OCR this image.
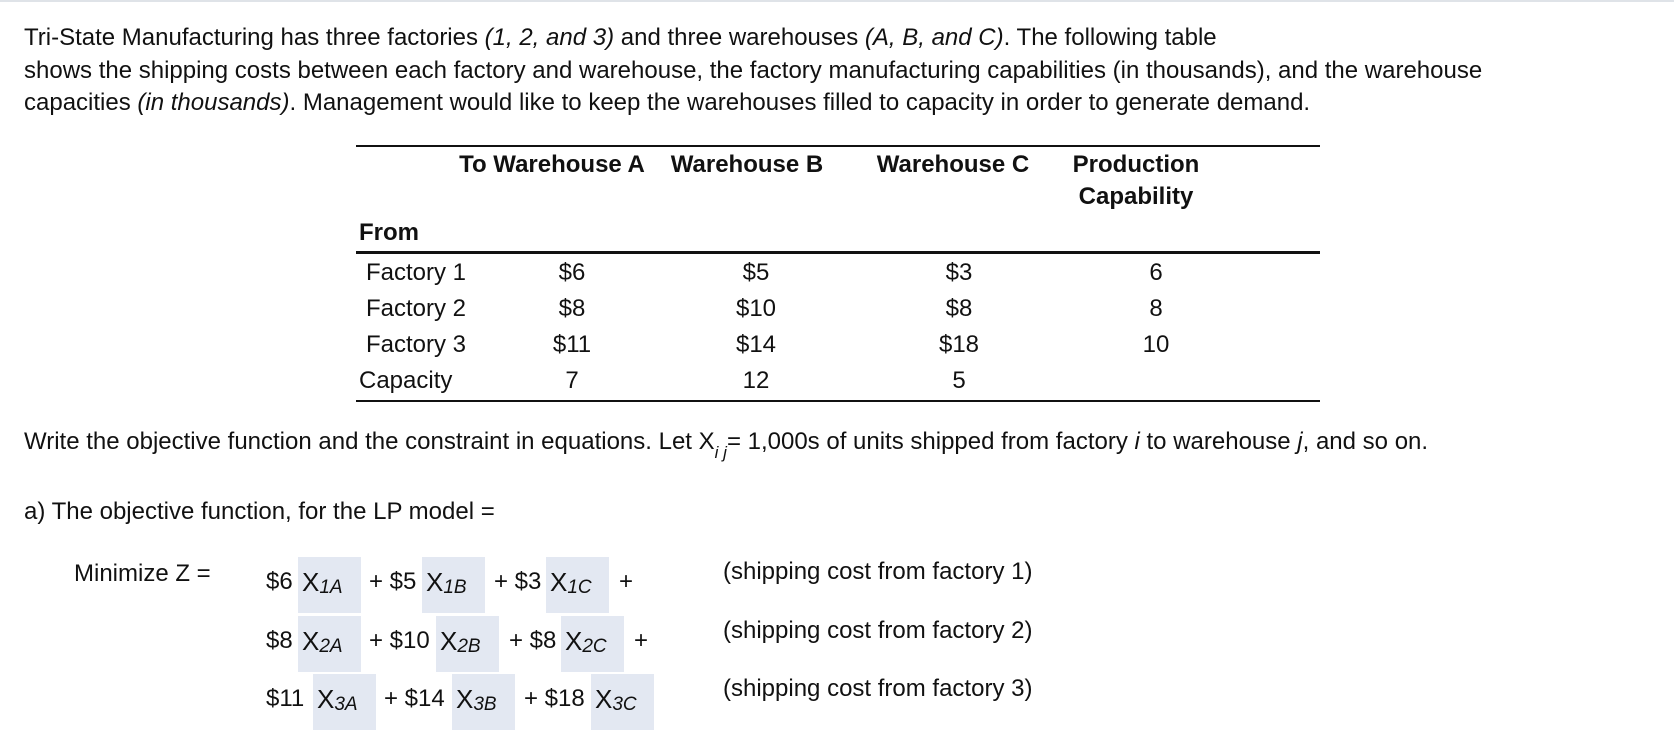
Tri-State Manufacturing has three factories (1, 2, and 3) and three warehouses (A, B, and C). The following table
shows the shipping costs between each factory and warehouse, the factory manufacturing capabilities (in thousands), and the warehouse
capacities (in thousands). Management would like to keep the warehouses filled to capacity in order to generate demand.
To Warehouse A Warehouse B	Warehouse C	Production
Capability
From
Factory 1	$6	$5	$3	6
Factory 2	$8	$10	$8	8
Factory 3	$11	$14	$18	10
Capacity	7	12	5
Write the objective function and the constraint in equations. Let $X_{i j}= 1,000s$ of units shipped from factory i to warehouse j, and so on.
a) The objective function, for the LP model =
Minimize Z = $6 $X_{1A}$ + $5 $X_{1B}$ + $3 $X_{1C}$ +	(shipping cost from factory 1)
$8 $X_{2A}$ + $10 $X_{2B}$ + $8 $X_{2C}$ +	(shipping cost from factory 2)
$11 $X_{3A}$ + $14 $X_{3B}$ + $18 $X_{3C}$
(shipping cost from factory 3)
